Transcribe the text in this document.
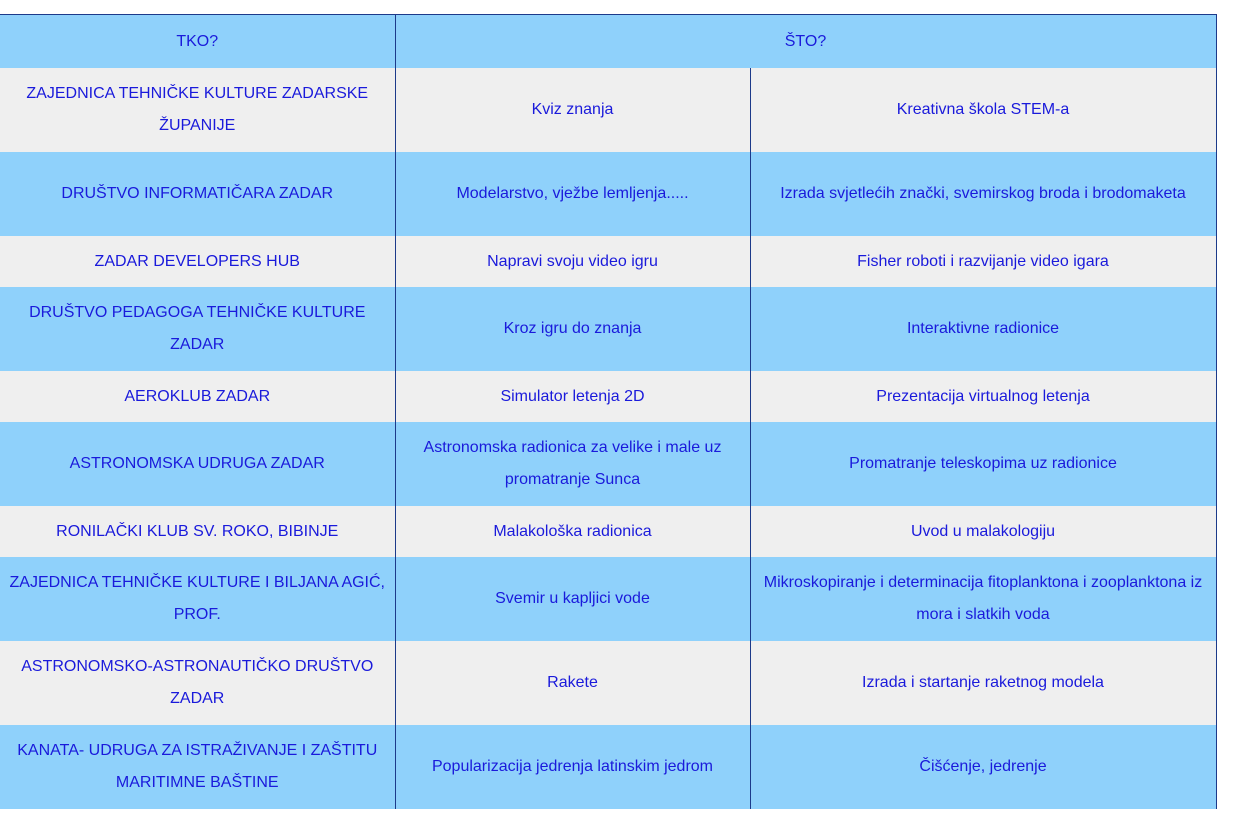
TKO?	ŠTO?	
ZAJEDNICA TEHNIČKE KULTURE ZADARSKE ŽUPANIJE	Kviz znanja	Kreativna škola STEM-a
DRUŠTVO INFORMATIČARA ZADAR	Modelarstvo, vježbe lemljenja.....	Izrada svjetlećih znački, svemirskog broda i brodomaketa
ZADAR DEVELOPERS HUB	Napravi svoju video igru	Fisher roboti i razvijanje video igara
DRUŠTVO PEDAGOGA TEHNIČKE KULTURE ZADAR	Kroz igru do znanja	Interaktivne radionice
AEROKLUB ZADAR	Simulator letenja 2D	Prezentacija virtualnog letenja
ASTRONOMSKA UDRUGA ZADAR	Astronomska radionica za velike i male uz promatranje Sunca	Promatranje teleskopima uz radionice
RONILAČKI KLUB SV. ROKO, BIBINJE	Malakološka radionica	Uvod u malakologiju
ZAJEDNICA TEHNIČKE KULTURE I BILJANA AGIĆ, PROF.	Svemir u kapljici vode	Mikroskopiranje i determinacija fitoplanktona i zooplanktona iz mora i slatkih voda
ASTRONOMSKO-ASTRONAUTIČKO DRUŠTVO ZADAR	Rakete	Izrada i startanje raketnog modela
KANATA- UDRUGA ZA ISTRAŽIVANJE I ZAŠTITU MARITIMNE BAŠTINE	Popularizacija jedrenja latinskim jedrom	Čišćenje, jedrenje
